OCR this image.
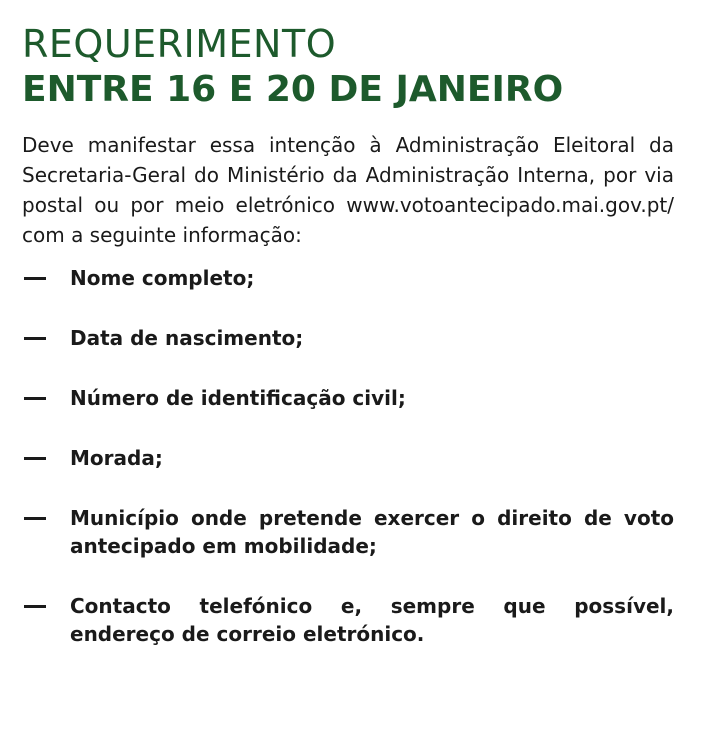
REQUERIMENTO
ENTRE 16 E 20 DE JANEIRO

Deve manifestar essa intenção à Administração Eleitoral da Secretaria-Geral do Ministério da Administração Interna, por via postal ou por meio eletrónico www.votoantecipado.mai.gov.pt/ com a seguinte informação:

Nome completo;
Data de nascimento;
Número de identificação civil;
Morada;
Município onde pretende exercer o direito de voto antecipado em mobilidade;
Contacto telefónico e, sempre que possível, endereço de correio eletrónico.
